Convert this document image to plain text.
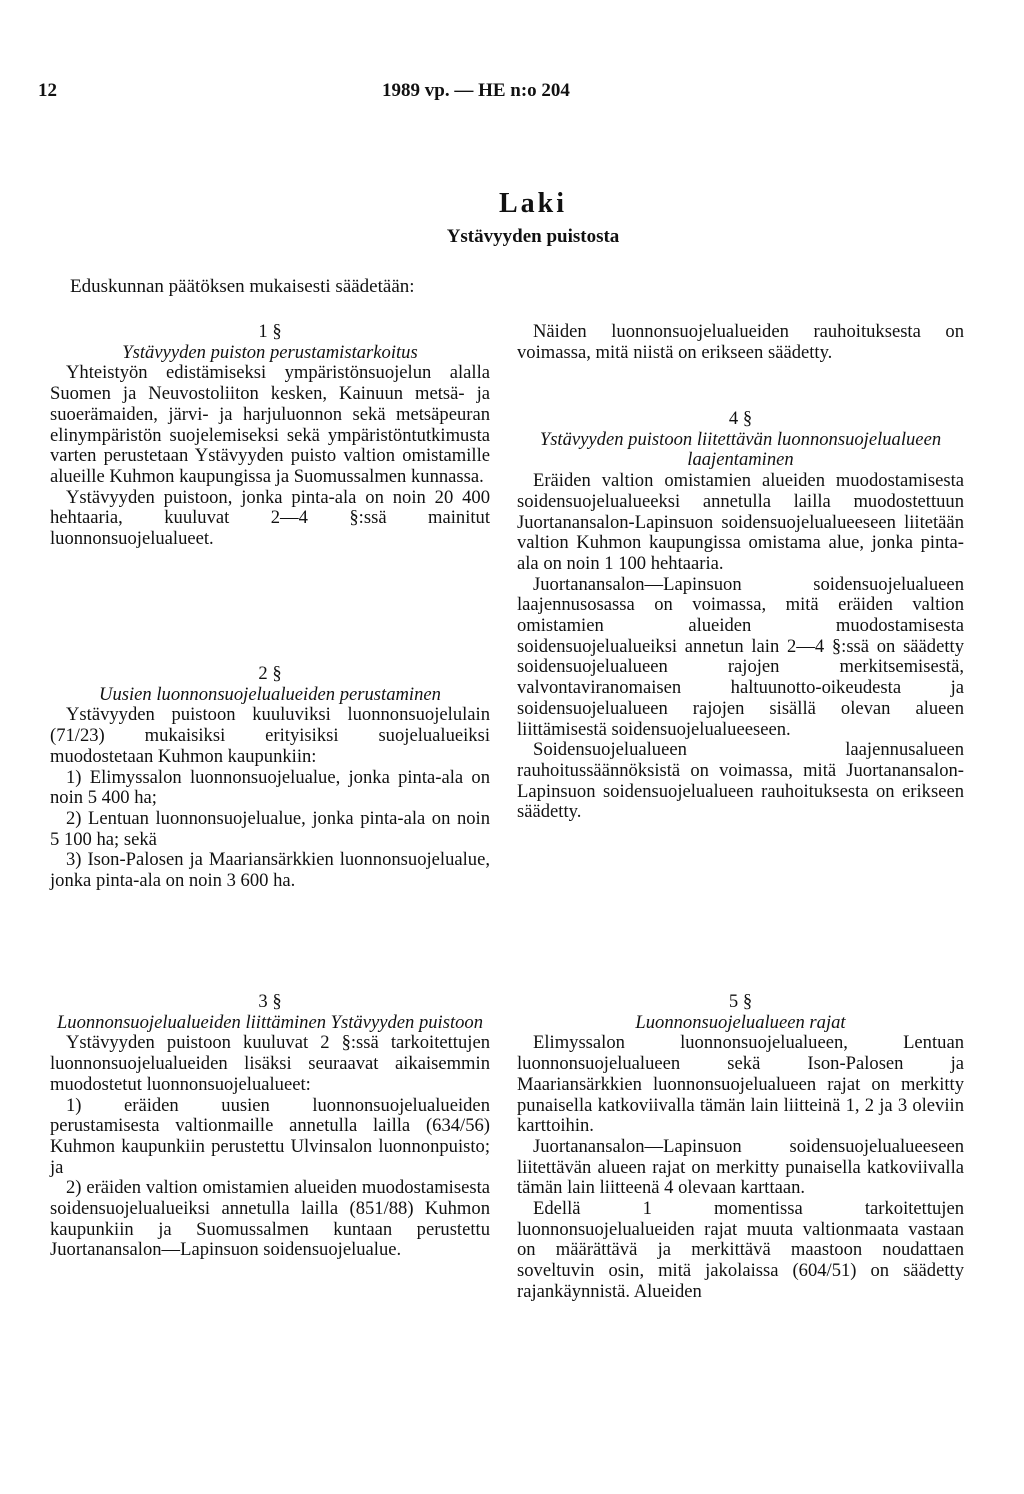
12	1989 vp. — HE n:o 204
Laki
Ystävyyden puistosta
Eduskunnan päätöksen mukaisesti säädetään:

1 §

Ystävyyden puiston perustamistarkoitus

Yhteistyön edistämiseksi ympäristönsuojelun alalla Suomen ja Neuvostoliiton kesken, Kainuun metsä- ja suoerämaiden, järvi- ja harjuluonnon sekä metsäpeuran elinympäristön suojelemiseksi sekä ympäristöntutkimusta varten perustetaan Ystävyyden puisto valtion omistamille alueille Kuhmon kaupungissa ja Suomussalmen kunnassa.

Ystävyyden puistoon, jonka pinta-ala on noin 20 400 hehtaaria, kuuluvat 2—4 §:ssä mainitut luonnonsuojelualueet.

2 §

Uusien luonnonsuojelualueiden perustaminen

Ystävyyden puistoon kuuluviksi luonnonsuojelulain (71/23) mukaisiksi erityisiksi suojelualueiksi muodostetaan Kuhmon kaupunkiin:

1) Elimyssalon luonnonsuojelualue, jonka pinta-ala on noin 5 400 ha;

2) Lentuan luonnonsuojelualue, jonka pinta-ala on noin 5 100 ha; sekä

3) Ison-Palosen ja Maariansärkkien luonnonsuojelualue, jonka pinta-ala on noin 3 600 ha.

3 §

Luonnonsuojelualueiden liittäminen Ystävyyden puistoon

Ystävyyden puistoon kuuluvat 2 §:ssä tarkoitettujen luonnonsuojelualueiden lisäksi seuraavat aikaisemmin muodostetut luonnonsuojelualueet:

1) eräiden uusien luonnonsuojelualueiden perustamisesta valtionmaille annetulla lailla (634/56) Kuhmon kaupunkiin perustettu Ulvinsalon luonnonpuisto; ja

2) eräiden valtion omistamien alueiden muodostamisesta soidensuojelualueiksi annetulla lailla (851/88) Kuhmon kaupunkiin ja Suomussalmen kuntaan perustettu Juortanansalon—Lapinsuon soidensuojelualue.

Näiden luonnonsuojelualueiden rauhoituksesta on voimassa, mitä niistä on erikseen säädetty.

4 §

Ystävyyden puistoon liitettävän luonnonsuojelualueen laajentaminen

Eräiden valtion omistamien alueiden muodostamisesta soidensuojelualueeksi annetulla lailla muodostettuun Juortanansalon-Lapinsuon soidensuojelualueeseen liitetään valtion Kuhmon kaupungissa omistama alue, jonka pinta-ala on noin 1 100 hehtaaria.

Juortanansalon—Lapinsuon soidensuojelualueen laajennusosassa on voimassa, mitä eräiden valtion omistamien alueiden muodostamisesta soidensuojelualueiksi annetun lain 2—4 §:ssä on säädetty soidensuojelualueen rajojen merkitsemisestä, valvontaviranomaisen haltuunotto-oikeudesta ja soidensuojelualueen rajojen sisällä olevan alueen liittämisestä soidensuojelualueeseen.

Soidensuojelualueen laajennusalueen rauhoitussäännöksistä on voimassa, mitä Juortanansalon-Lapinsuon soidensuojelualueen rauhoituksesta on erikseen säädetty.

5 §

Luonnonsuojelualueen rajat

Elimyssalon luonnonsuojelualueen, Lentuan luonnonsuojelualueen sekä Ison-Palosen ja Maariansärkkien luonnonsuojelualueen rajat on merkitty punaisella katkoviivalla tämän lain liitteinä 1, 2 ja 3 oleviin karttoihin.

Juortanansalon—Lapinsuon soidensuojelualueeseen liitettävän alueen rajat on merkitty punaisella katkoviivalla tämän lain liitteenä 4 olevaan karttaan.

Edellä 1 momentissa tarkoitettujen luonnonsuojelualueiden rajat muuta valtionmaata vastaan on määrättävä ja merkittävä maastoon noudattaen soveltuvin osin, mitä jakolaissa (604/51) on säädetty rajankäynnistä. Alueiden
